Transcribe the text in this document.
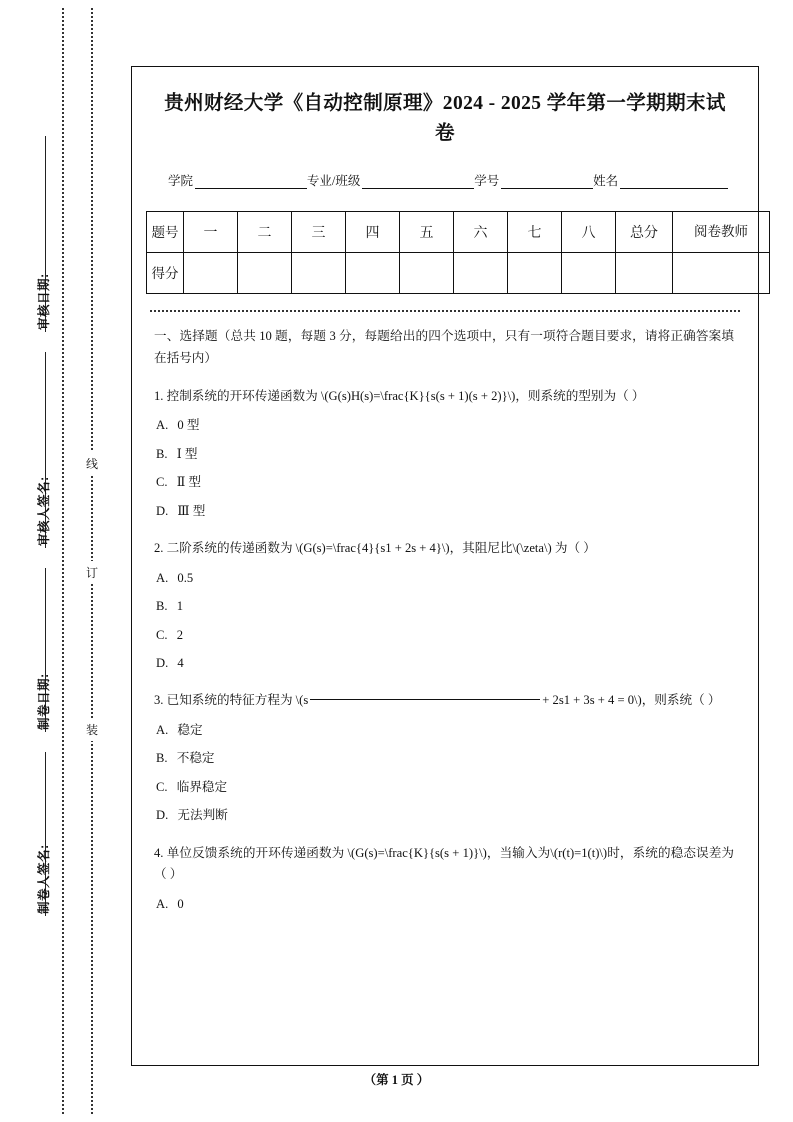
审核日期:
审核人签名:
制卷日期:
制卷人签名:
线
订
装
贵州财经大学《自动控制原理》2024 - 2025 学年第一学期期末试
卷
学院	专业/班级	学号	姓名
题号	一	二	三	四	五	六	七	八	总分	阅卷教师
得分										

一、选择题（总共 10 题，每题 3 分，每题给出的四个选项中，只有一项符合题目要求，请将正确答案填在括号内）

1. 控制系统的开环传递函数为 \(G(s)H(s)=\frac{K}{s(s + 1)(s + 2)}\)，则系统的型别为（ ）

A. 0 型

B. Ⅰ 型

C. Ⅱ 型

D. Ⅲ 型

2. 二阶系统的传递函数为 \(G(s)=\frac{4}{s1 + 2s + 4}\)，其阻尼比\(\zeta\) 为（ ）

A. 0.5

B. 1

C. 2

D. 4

3. 已知系统的特征方程为 \(s	+ 2s1 + 3s + 4 = 0\)，则系统（ ）

A. 稳定

B. 不稳定

C. 临界稳定

D. 无法判断

4. 单位反馈系统的开环传递函数为 \(G(s)=\frac{K}{s(s + 1)}\)，当输入为\(r(t)=1(t)\)时，系统的稳态误差为（ ）

A. 0

（第 1 页 ）
